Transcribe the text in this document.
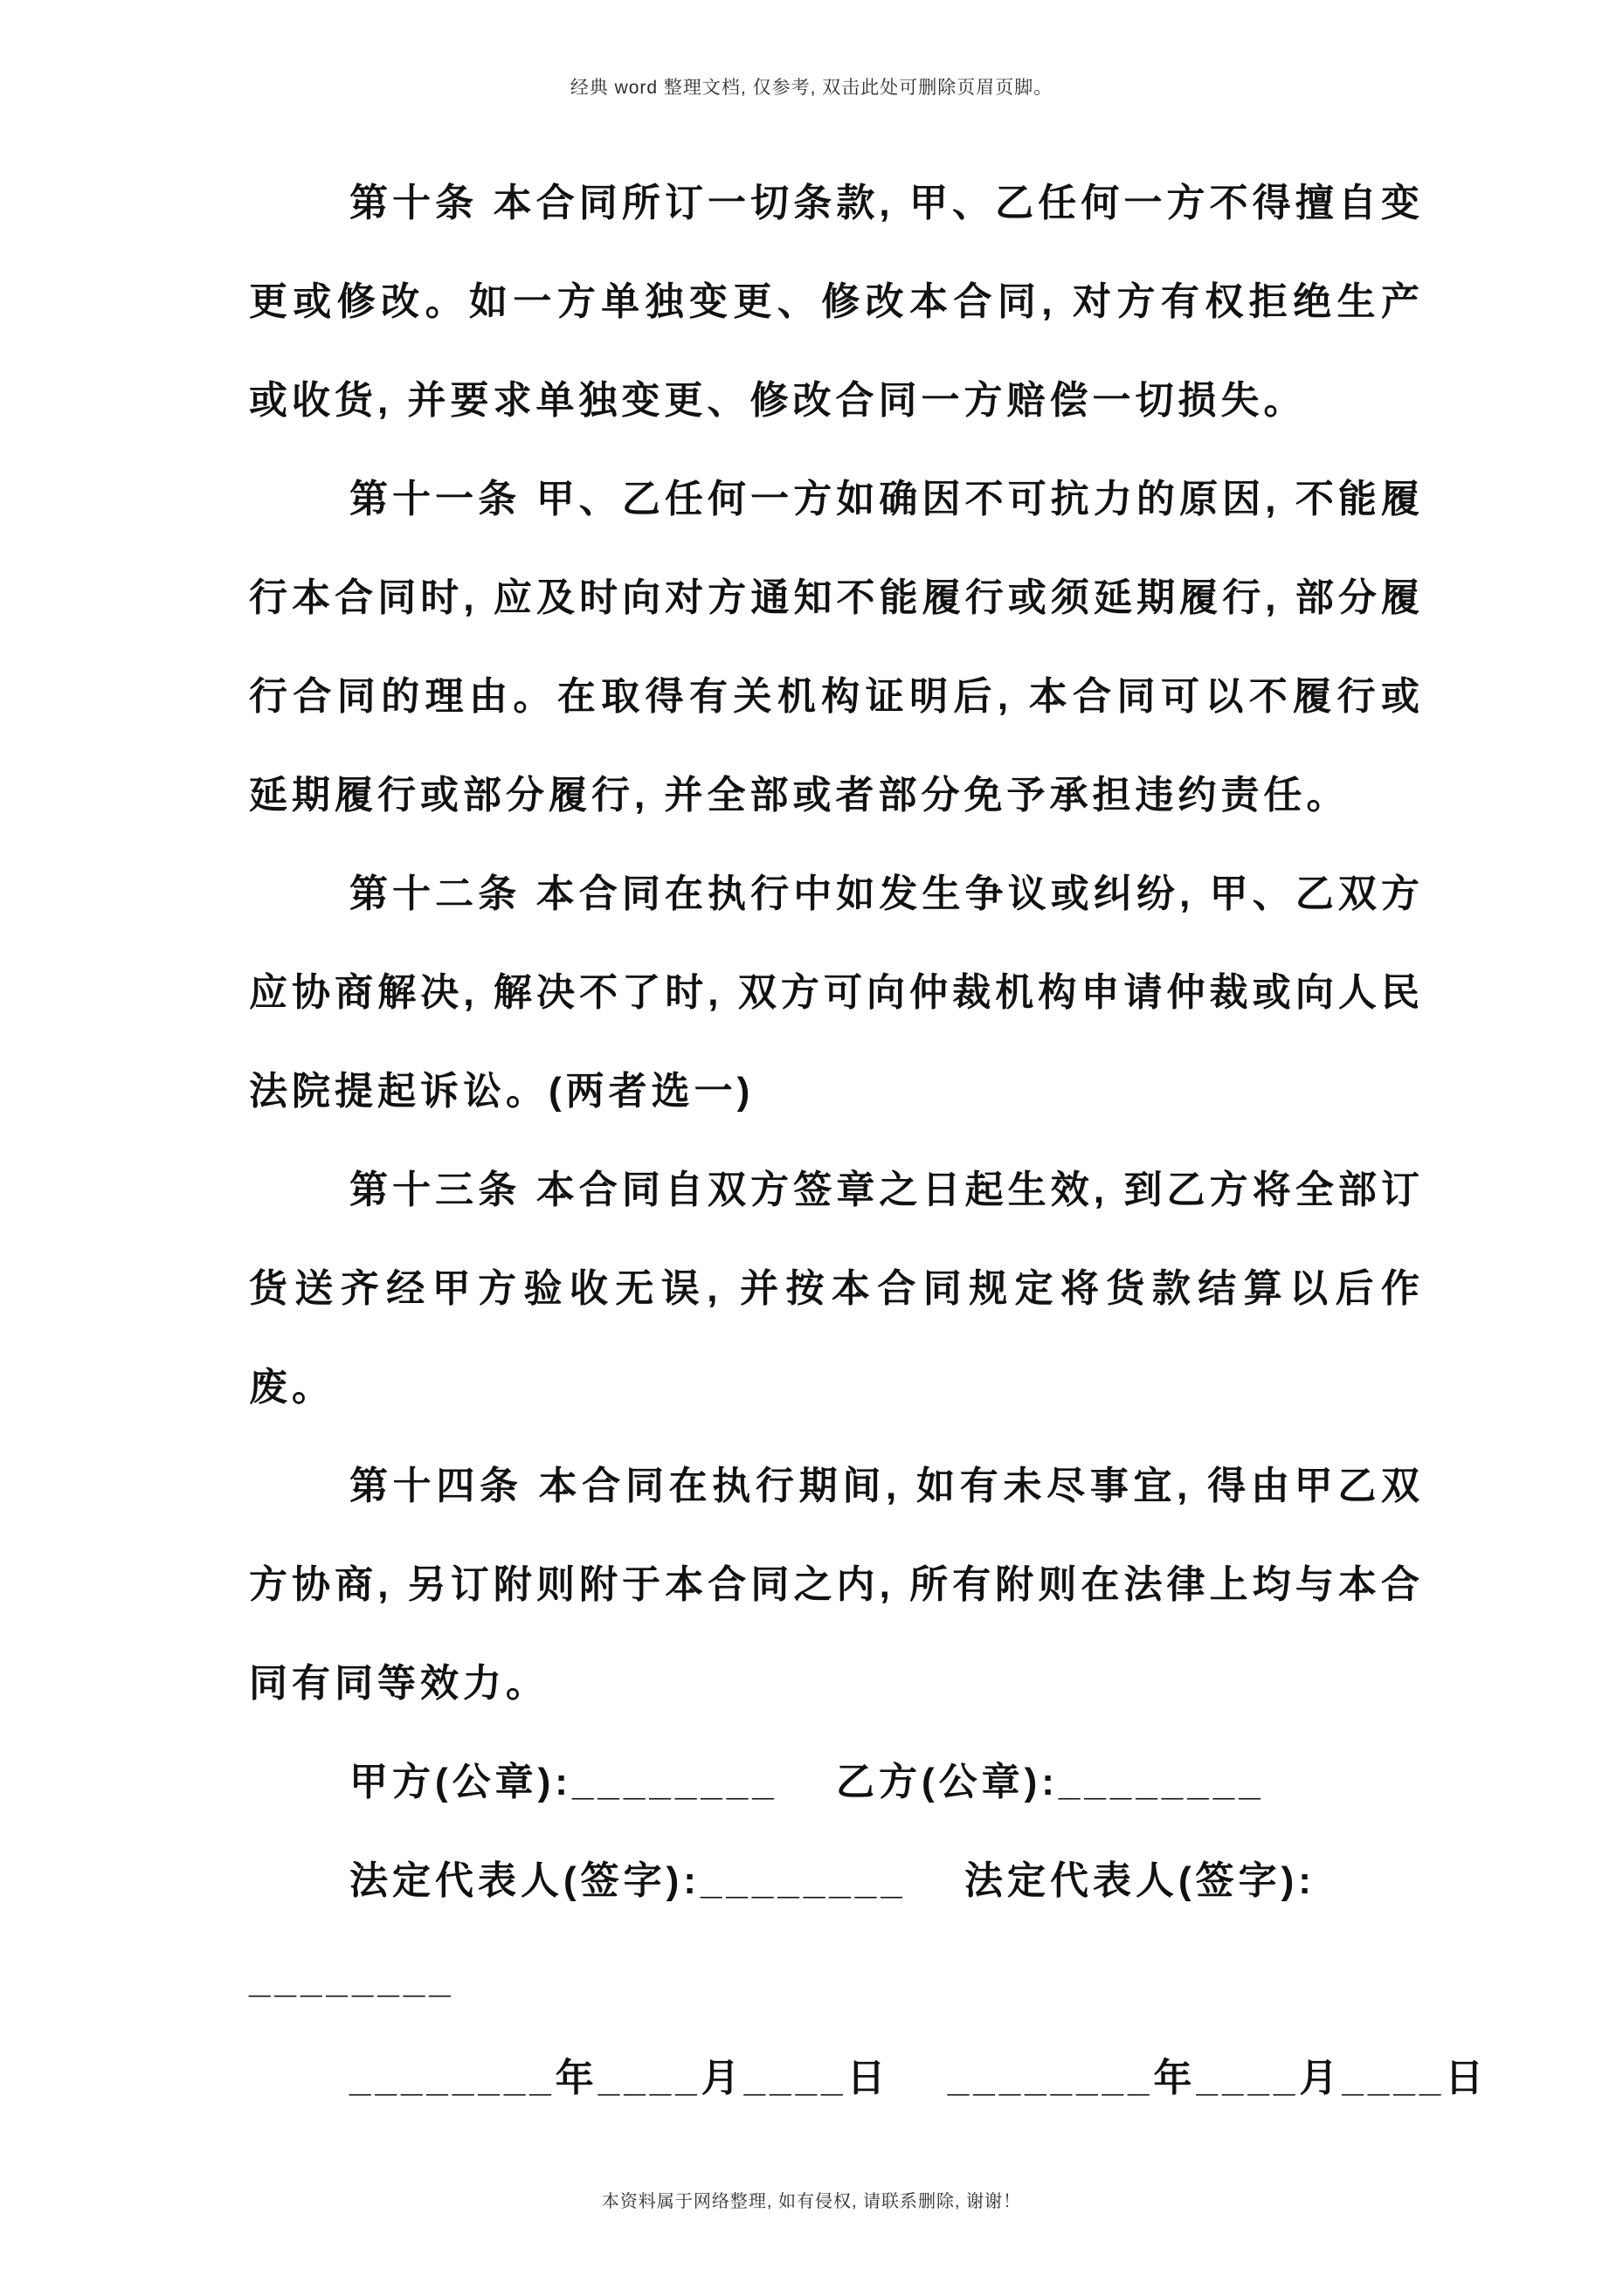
经典 word 整理文档, 仅参考, 双击此处可删除页眉页脚。

第十条 本合同所订一切条款, 甲、乙任何一方不得擅自变更或修改。如一方单独变更、修改本合同, 对方有权拒绝生产或收货, 并要求单独变更、修改合同一方赔偿一切损失。

第十一条 甲、乙任何一方如确因不可抗力的原因, 不能履行本合同时, 应及时向对方通知不能履行或须延期履行, 部分履行合同的理由。在取得有关机构证明后, 本合同可以不履行或延期履行或部分履行, 并全部或者部分免予承担违约责任。

第十二条 本合同在执行中如发生争议或纠纷, 甲、乙双方应协商解决, 解决不了时, 双方可向仲裁机构申请仲裁或向人民法院提起诉讼。(两者选一)

第十三条 本合同自双方签章之日起生效, 到乙方将全部订货送齐经甲方验收无误, 并按本合同规定将货款结算以后作废。

第十四条 本合同在执行期间, 如有未尽事宜, 得由甲乙双方协商, 另订附则附于本合同之内, 所有附则在法律上均与本合同有同等效力。

甲方(公章):________　 乙方(公章):________

法定代表人(签字):________　 法定代表人(签字):

________

________年____月____日　 ________年____月____日

本资料属于网络整理, 如有侵权, 请联系删除, 谢谢！
